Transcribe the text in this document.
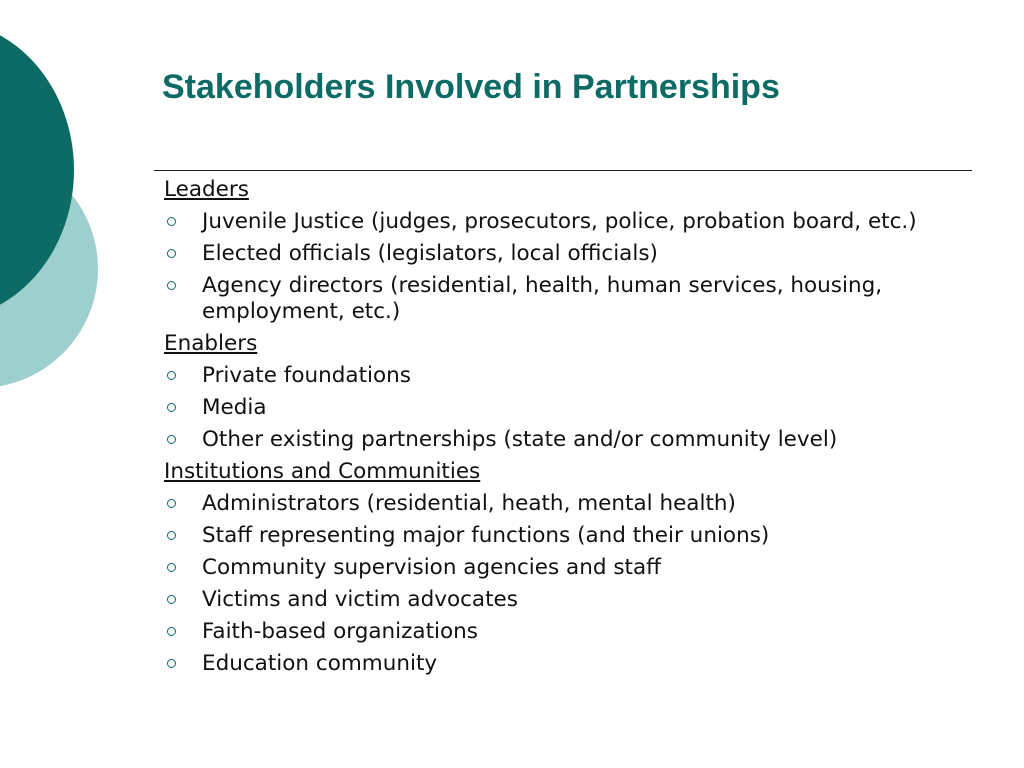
Stakeholders Involved in Partnerships
Leaders
Juvenile Justice (judges, prosecutors, police, probation board, etc.)
Elected officials (legislators, local officials)
Agency directors (residential, health, human services, housing, employment, etc.)
Enablers
Private foundations
Media
Other existing partnerships (state and/or community level)
Institutions and Communities
Administrators (residential, heath, mental health)
Staff representing major functions (and their unions)
Community supervision agencies and staff
Victims and victim advocates
Faith-based organizations
Education community
